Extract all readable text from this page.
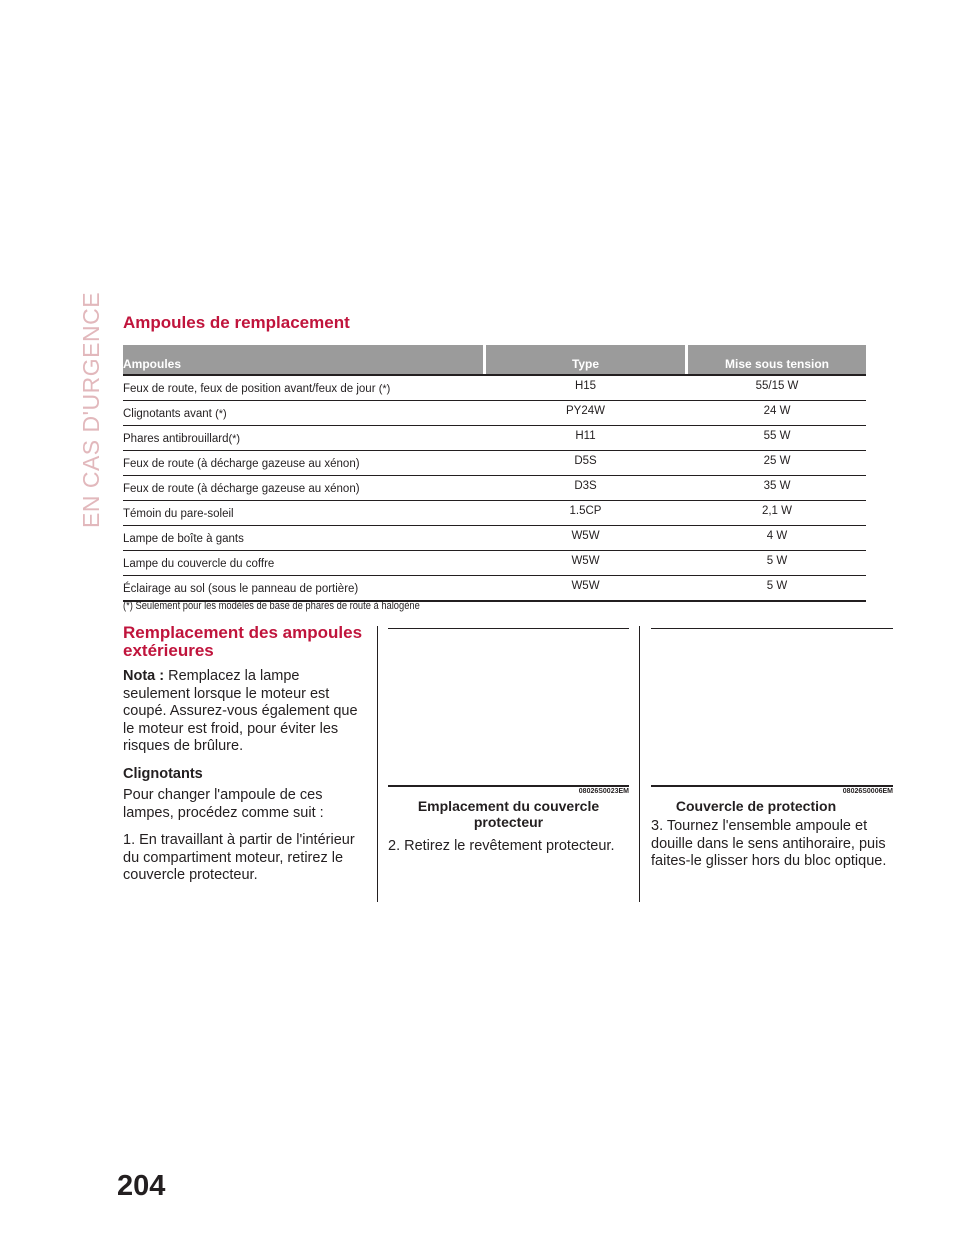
EN CAS D'URGENCE Ampoules de remplacement
Ampoules	Type	Mise sous tension
Feux de route, feux de position avant/feux de jour (*)	H15	55/15 W
Clignotants avant (*)	PY24W	24 W
Phares antibrouillard(*)	H11	55 W
Feux de route (à décharge gazeuse au xénon)	D5S	25 W
Feux de route (à décharge gazeuse au xénon)	D3S	35 W
Témoin du pare-soleil	1.5CP	2,1 W
Lampe de boîte à gants	W5W	4 W
Lampe du couvercle du coffre	W5W	5 W
Éclairage au sol (sous le panneau de portière)	W5W	5 W
(*) Seulement pour les modèles de base de phares de route à halogène
Remplacement des ampoules extérieures

Nota : Remplacez la lampe seulement lorsque le moteur est coupé. Assurez-vous également que le moteur est froid, pour éviter les risques de brûlure.

Clignotants

Pour changer l'ampoule de ces lampes, procédez comme suit :

1. En travaillant à partir de l'intérieur du compartiment moteur, retirez le couvercle protecteur.

08026S0023EM
Emplacement du couvercle protecteur
2. Retirez le revêtement protecteur.
08026S0006EM
Couvercle de protection
3. Tournez l'ensemble ampoule et douille dans le sens antihoraire, puis faites-le glisser hors du bloc optique.
204
